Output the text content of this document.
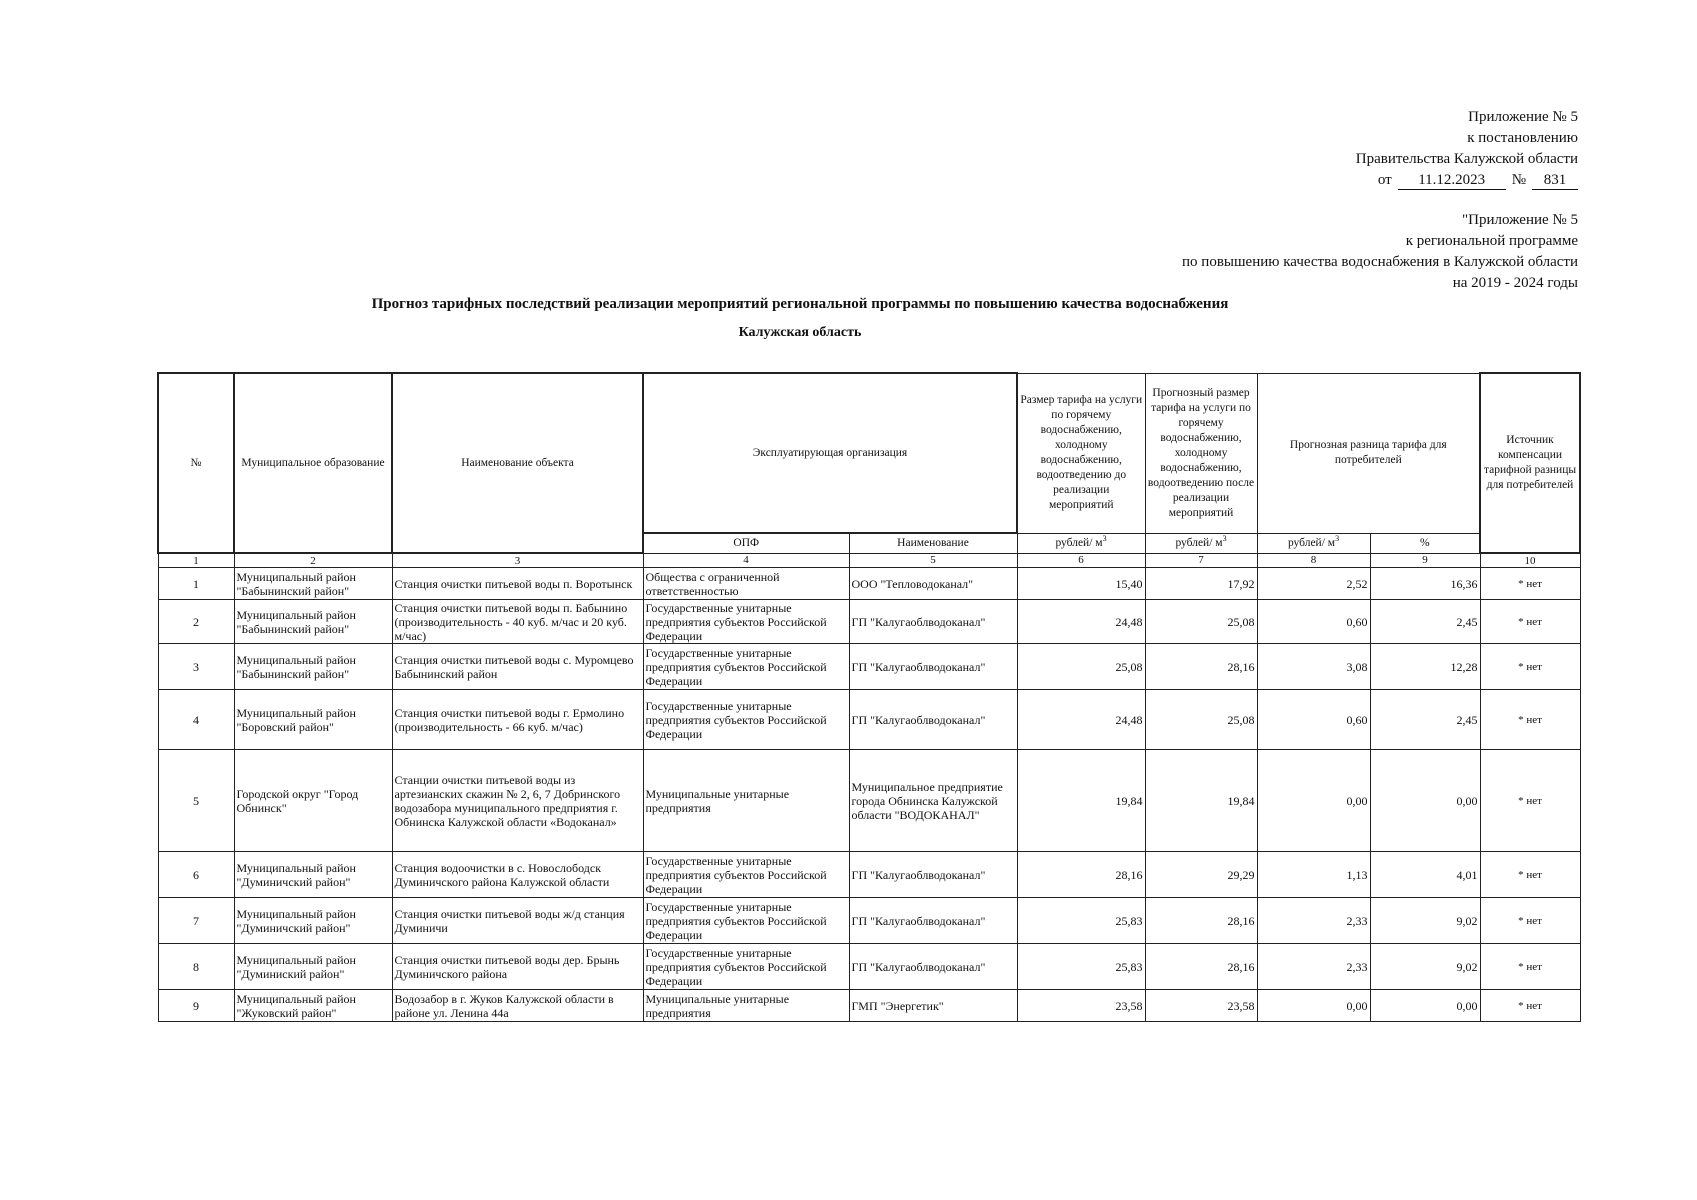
Приложение № 5
к постановлению
Правительства Калужской области
от	11.12.2023	№	831
"Приложение № 5
к региональной программе
по повышению качества водоснабжения в Калужской области
на 2019 - 2024 годы
Прогноз тарифных последствий реализации мероприятий региональной программы по повышению качества водоснабжения
Калужская область
№	Муниципальное образование	Наименование объекта	Эксплуатирующая организация		Размер тарифа на услуги по горячему водоснабжению, холодному водоснабжению, водоотведению до реализации мероприятий	Прогнозный размер тарифа на услуги по горячему водоснабжению, холодному водоснабжению, водоотведению после реализации мероприятий	Прогнозная разница тарифа для потребителей		Источник компенсации тарифной разницы для потребителей
			ОПФ	Наименование	рублей/ $м^3$	рублей/ $м^3$	рублей/ $м^3$	%	
1	2	3	4	5	6	7	8	9	10
1	Муниципальный район "Бабынинский район"	Станция очистки питьевой воды п. Воротынск	Общества с ограниченной ответственностью	ООО "Тепловодоканал"	15,40	17,92	2,52	16,36	* нет
2	Муниципальный район "Бабынинский район"	Станция очистки питьевой воды п. Бабынино (производительность - 40 куб. м/час и 20 куб. м/час)	Государственные унитарные предприятия субъектов Российской Федерации	ГП "Калугаоблводоканал"	24,48	25,08	0,60	2,45	* нет
3	Муниципальный район "Бабынинский район"	Станция очистки питьевой воды с. Муромцево Бабынинский район	Государственные унитарные предприятия субъектов Российской Федерации	ГП "Калугаоблводоканал"	25,08	28,16	3,08	12,28	* нет
4	Муниципальный район "Боровский район"	Станция очистки питьевой воды г. Ермолино (производительность - 66 куб. м/час)	Государственные унитарные предприятия субъектов Российской Федерации	ГП "Калугаоблводоканал"	24,48	25,08	0,60	2,45	* нет
5	Городской округ "Город Обнинск"	Станции очистки питьевой воды из артезианских скажин № 2, 6, 7 Добринского водозабора муниципального предприятия г. Обнинска Калужской области «Водоканал»	Муниципальные унитарные предприятия	Муниципальное предприятие города Обнинска Калужской области "ВОДОКАНАЛ"	19,84	19,84	0,00	0,00	* нет
6	Муниципальный район "Думиничский район"	Станция водоочистки в с. Новослободск Думиничского района Калужской области	Государственные унитарные предприятия субъектов Российской Федерации	ГП "Калугаоблводоканал"	28,16	29,29	1,13	4,01	* нет
7	Муниципальный район "Думиничский район"	Станция очистки питьевой воды ж/д станция Думиничи	Государственные унитарные предприятия субъектов Российской Федерации	ГП "Калугаоблводоканал"	25,83	28,16	2,33	9,02	* нет
8	Муниципальный район "Думиниский район"	Станция очистки питьевой воды дер. Брынь Думиничского района	Государственные унитарные предприятия субъектов Российской Федерации	ГП "Калугаоблводоканал"	25,83	28,16	2,33	9,02	* нет
9	Муниципальный район "Жуковский район"	Водозабор в г. Жуков Калужской области в районе ул. Ленина 44а	Муниципальные унитарные предприятия	ГМП "Энергетик"	23,58	23,58	0,00	0,00	* нет
